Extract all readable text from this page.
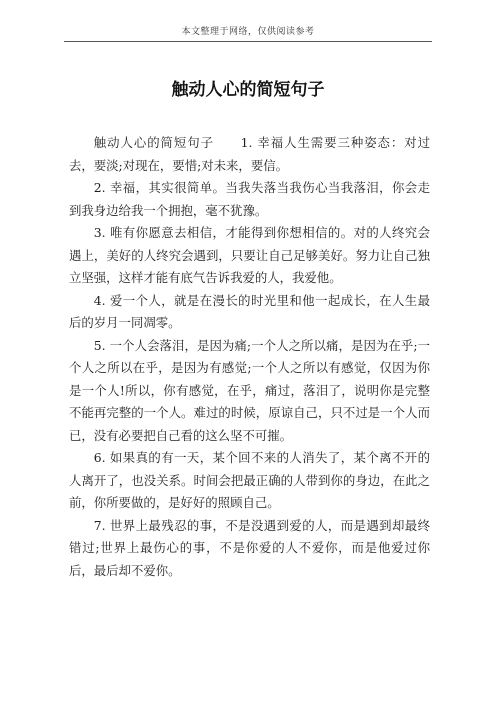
本文整理于网络，仅供阅读参考
触动人心的简短句子

触动人心的简短句子　　1. 幸福人生需要三种姿态：对过去，要淡;对现在，要惜;对未来，要信。

2. 幸福，其实很简单。当我失落当我伤心当我落泪，你会走到我身边给我一个拥抱，毫不犹豫。

3. 唯有你愿意去相信，才能得到你想相信的。对的人终究会遇上，美好的人终究会遇到，只要让自己足够美好。努力让自己独立坚强，这样才能有底气告诉我爱的人，我爱他。

4. 爱一个人，就是在漫长的时光里和他一起成长，在人生最后的岁月一同凋零。

5. 一个人会落泪，是因为痛;一个人之所以痛，是因为在乎;一个人之所以在乎，是因为有感觉;一个人之所以有感觉，仅因为你是一个人!所以，你有感觉，在乎，痛过，落泪了，说明你是完整不能再完整的一个人。难过的时候，原谅自己，只不过是一个人而已，没有必要把自己看的这么坚不可摧。

6. 如果真的有一天，某个回不来的人消失了，某个离不开的人离开了，也没关系。时间会把最正确的人带到你的身边，在此之前，你所要做的，是好好的照顾自己。

7. 世界上最残忍的事，不是没遇到爱的人，而是遇到却最终错过;世界上最伤心的事，不是你爱的人不爱你，而是他爱过你后，最后却不爱你。
